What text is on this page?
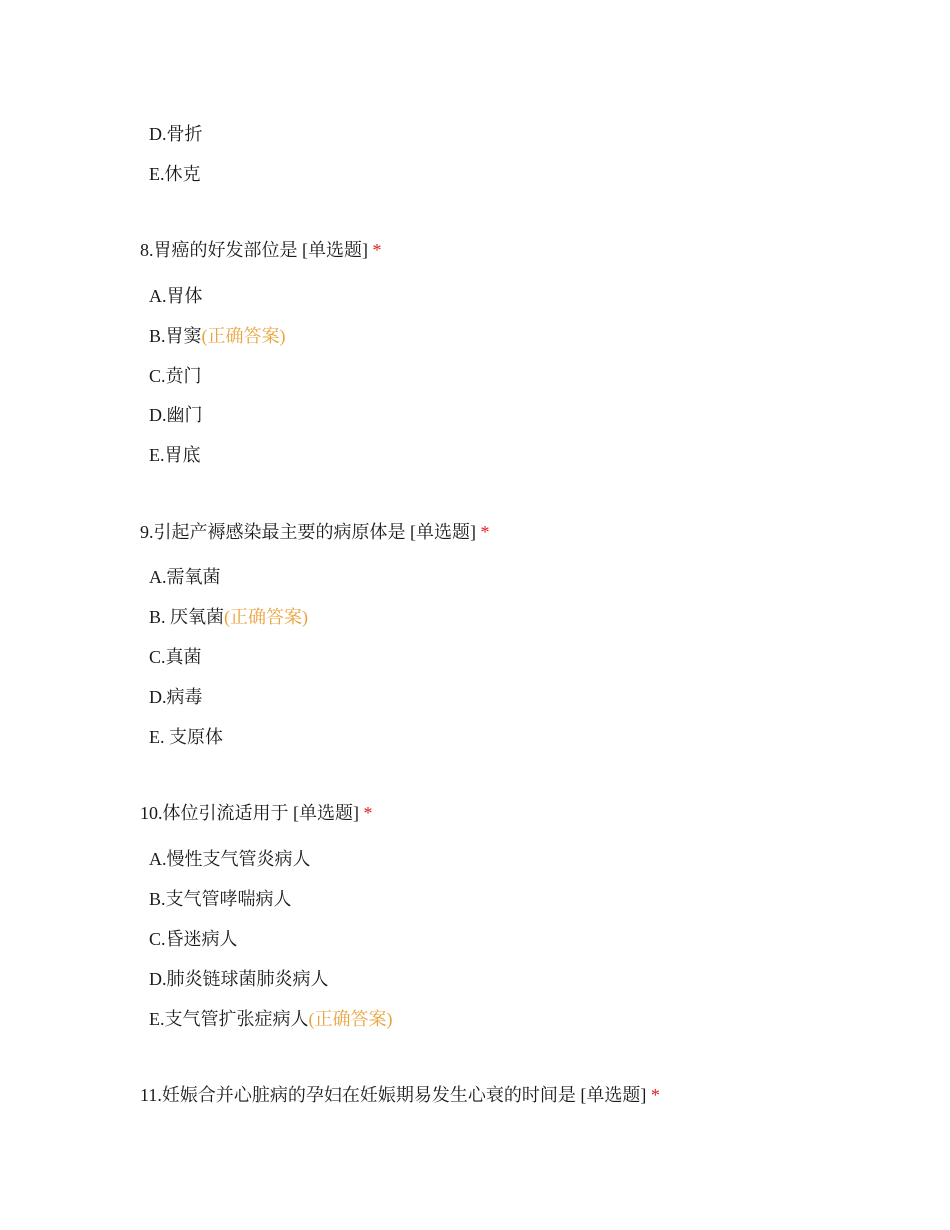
D.骨折
E.休克
8.胃癌的好发部位是 [单选题] *
A.胃体
B.胃窦(正确答案)
C.贲门
D.幽门
E.胃底
9.引起产褥感染最主要的病原体是 [单选题] *
A.需氧菌
B. 厌氧菌(正确答案)
C.真菌
D.病毒
E. 支原体
10.体位引流适用于 [单选题] *
A.慢性支气管炎病人
B.支气管哮喘病人
C.昏迷病人
D.肺炎链球菌肺炎病人
E.支气管扩张症病人(正确答案)
11.妊娠合并心脏病的孕妇在妊娠期易发生心衰的时间是 [单选题] *
